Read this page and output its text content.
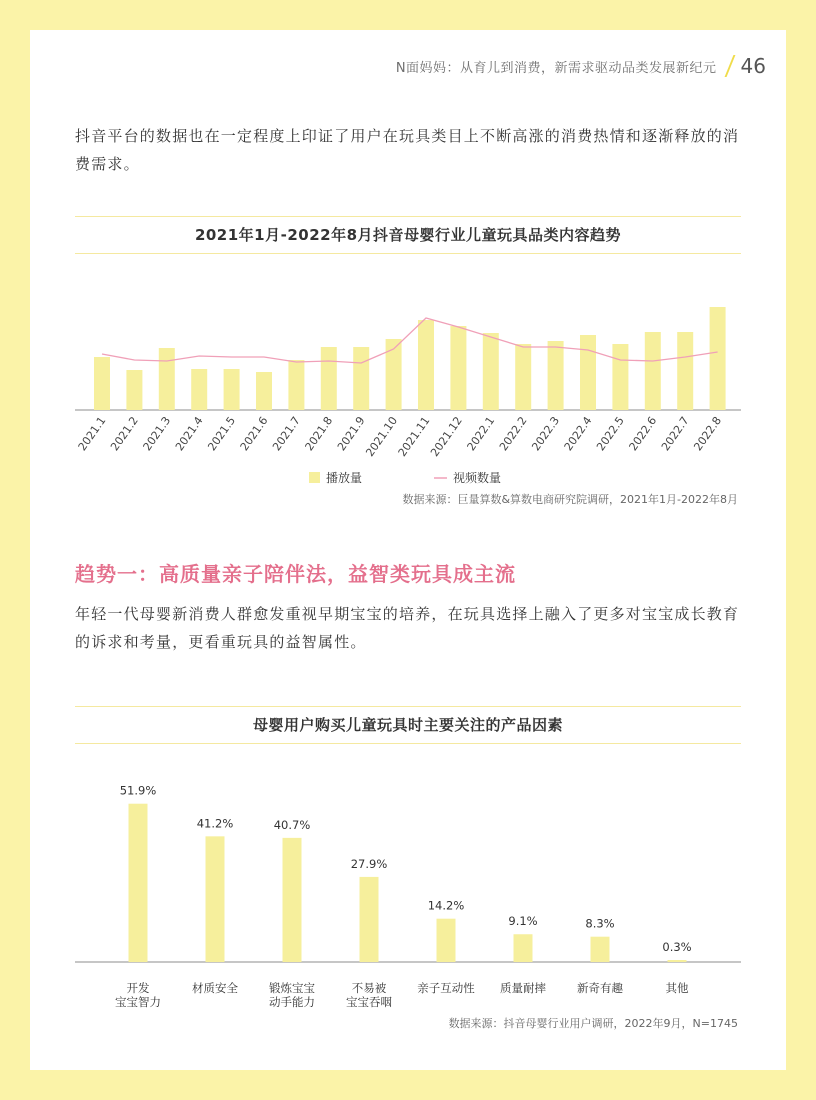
N面妈妈：从育儿到消费，新需求驱动品类发展新纪元 46
抖音平台的数据也在一定程度上印证了用户在玩具类目上不断高涨的消费热情和逐渐释放的消费需求。
2021年1月-2022年8月抖音母婴行业儿童玩具品类内容趋势
2021.1 2021.2 2021.3 2021.4 2021.5 2021.6 2021.7 2021.8 2021.9
2021.10
2021.11
2021.12 2022.1 2022.2 2022.3 2022.4 2022.5 2022.6 2022.7 2022.8
播放量	视频数量
数据来源：巨量算数&算数电商研究院调研，2021年1月-2022年8月
趋势一：高质量亲子陪伴法，益智类玩具成主流
年轻一代母婴新消费人群愈发重视早期宝宝的培养，在玩具选择上融入了更多对宝宝成长教育的诉求和考量，更看重玩具的益智属性。
母婴用户购买儿童玩具时主要关注的产品因素
51.9%
开发
宝宝智力
41.2%
材质安全
40.7%
锻炼宝宝
动手能力
27.9%
不易被
宝宝吞咽
14.2%
亲子互动性
9.1%
质量耐摔
8.3%
新奇有趣
0.3%
其他
数据来源：抖音母婴行业用户调研，2022年9月，N=1745
